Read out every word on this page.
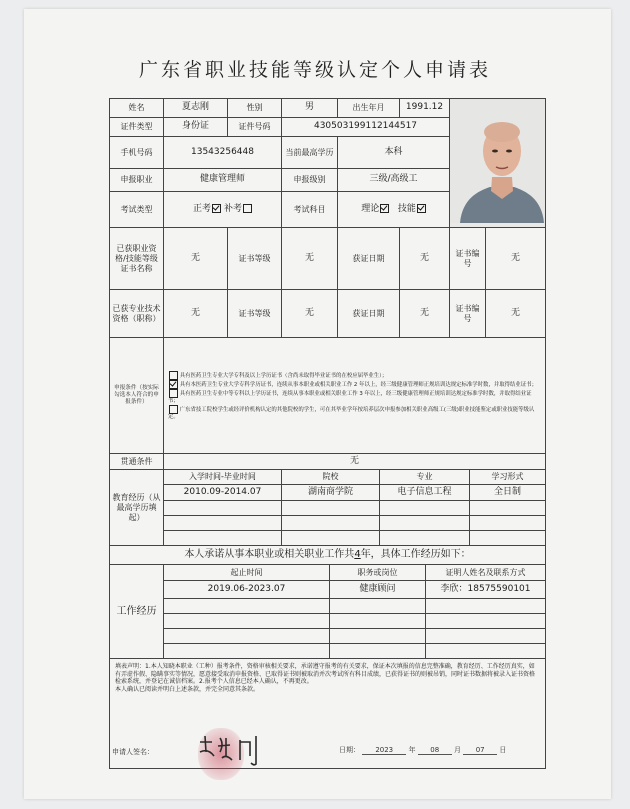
广东省职业技能等级认定个人申请表
姓名	夏志刚	性别	男		出生年月		1991.12	
证件类型	身份证	证件号码	430503199112144517								
手机号码	13543256448		当前最高学历		本科						
申报职业	健康管理师		申报级别		三级/高级工						
考试类型	正考 补考		考试科目		理论 技能						
已获职业资格/技能等级证书名称	无	证书等级	无		获证日期		无		证书编号		无
已获专业技术资格（职称）	无	证书等级	无		获证日期		无		证书编号		无
申报条件（按实际勾选本人符合的申报条件）	具有医药卫生专业大学专科及以上学历证书（含尚未取得毕业证书的在校应届毕业生）；
具有本医药卫生专业大学专科学历证书，连续从事本职业或相关职业工作 2 年以上，经三级健康管理师正规培训达规定标准学时数，并取得结业证书；
具有医药卫生专业中等专科以上学历证书，连续从事本职业或相关职业工作 3 年以上，经三级健康管理师正规培训达规定标准学时数，并取得结业证书；
广东省技工院校学生或经评价机构认定的其他院校的学生，可在其毕业学年按培养层次申报参加相关职业高级工(三级)职业技能鉴定或职业技能等级认定。										

贯通条件	无										
教育经历（从最高学历填起）	入学时间-毕业时间		院校			专业				学习形式	
	2010.09-2014.07		湖南商学院			电子信息工程				全日制	

本人承诺从事本职业或相关职业工作共4年，具体工作经历如下：											
工作经历	起止时间			职务或岗位				证明人姓名及联系方式			
	2019.06-2023.07			健康顾问				李欣：18575590101			

填表声明：1.本人知晓本职业（工种）报考条件，资格审核相关要求，承诺遵守报考的有关要求，保证本次填报的信息完整准确，教育经历、工作经历真实，如有弄虚作假、隐瞒事实等情况，愿意接受取消申报资格、已取得证书则被取消并次考试所有科目成绩，已获得证书的则被吊销，同时证书数据将被录入证书资格检索系统，并登记在诚信档案。2.报考个人信息已经本人确认，不再更改。
本人确认已阅读并明白上述条款，并完全同意其条款。											
申请人签名：	日期： 2023 年 08 月 07 日
